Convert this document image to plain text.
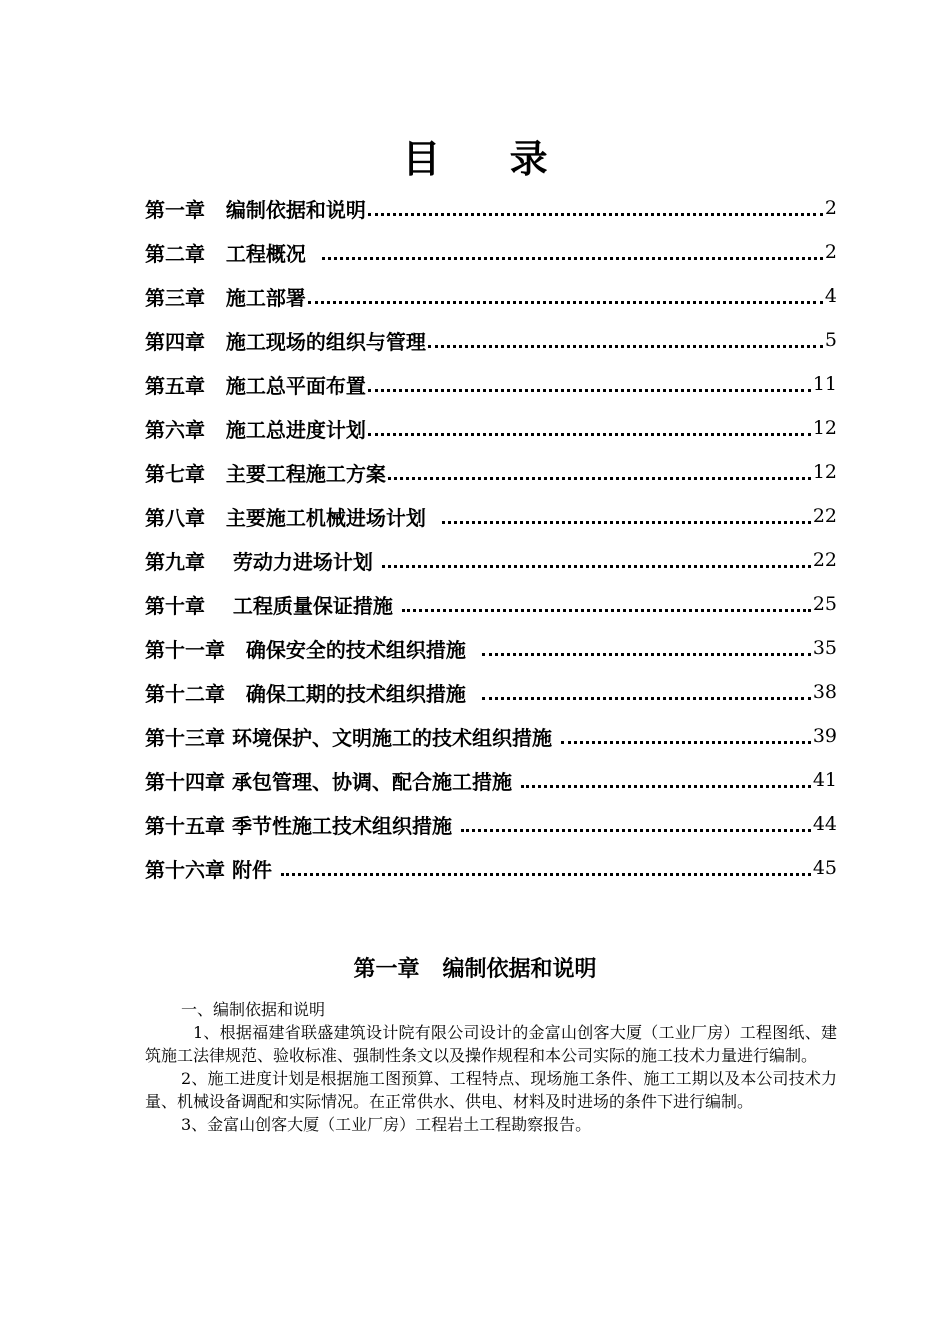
目 录
第一章   编制依据和说明	2
第二章   工程概况	2
第三章   施工部署	4
第四章   施工现场的组织与管理	5
第五章   施工总平面布置	11
第六章   施工总进度计划	12
第七章   主要工程施工方案	12
第八章   主要施工机械进场计划	22
第九章    劳动力进场计划	22
第十章    工程质量保证措施	25
第十一章   确保安全的技术组织措施	35
第十二章   确保工期的技术组织措施	38
第十三章 环境保护、文明施工的技术组织措施	39
第十四章 承包管理、协调、配合施工措施	41
第十五章 季节性施工技术组织措施	44
第十六章 附件	45
第一章   编制依据和说明

一、编制依据和说明

1、根据福建省联盛建筑设计院有限公司设计的金富山创客大厦（工业厂房）工程图纸、建筑施工法律规范、验收标准、强制性条文以及操作规程和本公司实际的施工技术力量进行编制。

2、施工进度计划是根据施工图预算、工程特点、现场施工条件、施工工期以及本公司技术力量、机械设备调配和实际情况。在正常供水、供电、材料及时进场的条件下进行编制。

3、金富山创客大厦（工业厂房）工程岩土工程勘察报告。
